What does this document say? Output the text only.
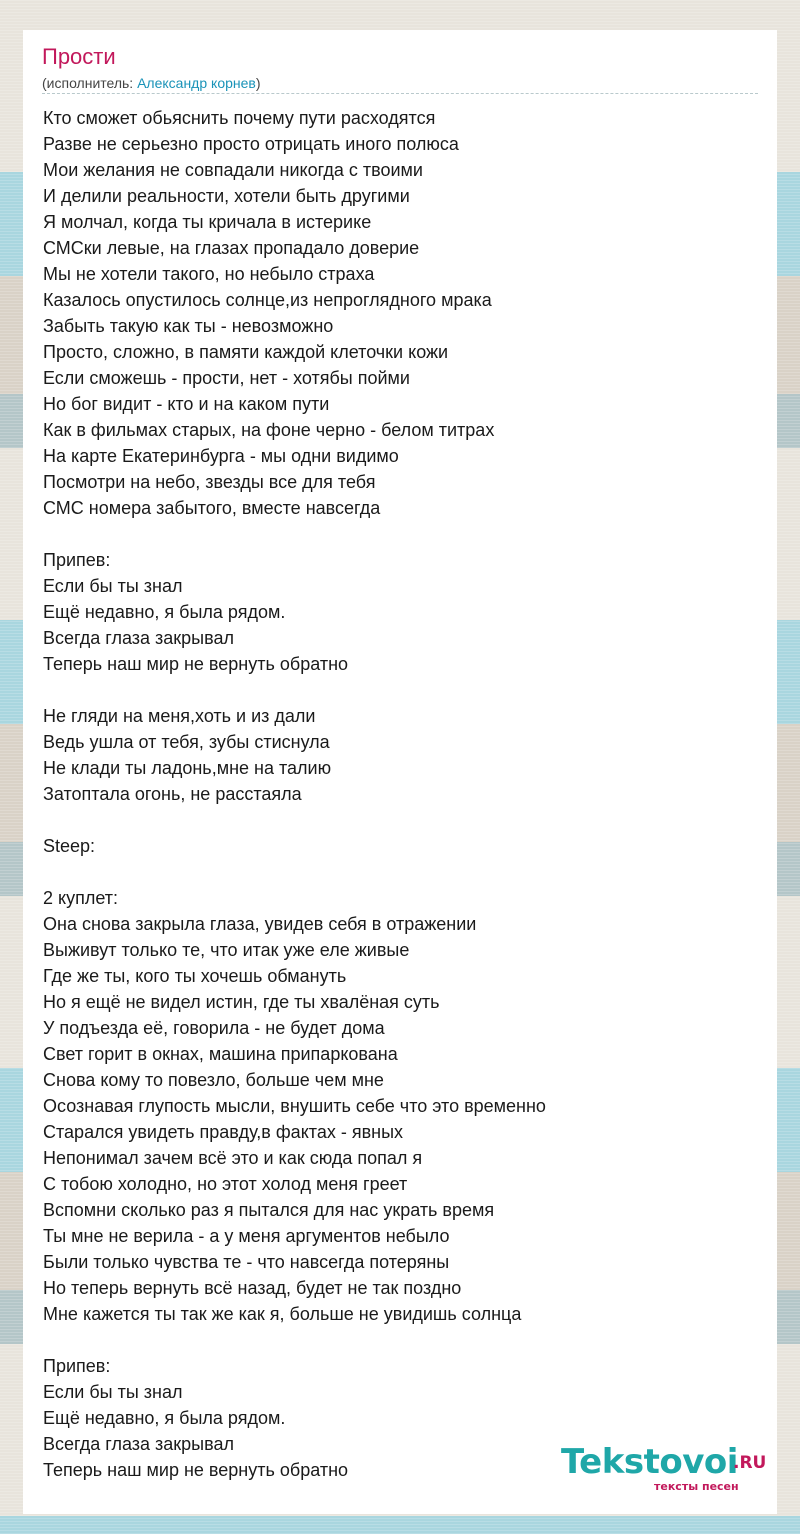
Прости
(исполнитель: Александр корнев)
Кто сможет обьяснить почему пути расходятся
Разве не серьезно просто отрицать иного полюса
Мои желания не совпадали никогда с твоими
И делили реальности, хотели быть другими
Я молчал, когда ты кричала в истерике
СМСки левые, на глазах пропадало доверие
Мы не хотели такого, но небыло страха
Казалось опустилось солнце,из непроглядного мрака
Забыть такую как ты - невозможно
Просто, сложно, в памяти каждой клеточки кожи
Если сможешь - прости, нет - хотябы пойми
Но бог видит - кто и на каком пути
Как в фильмах старых, на фоне черно - белом титрах
На карте Екатеринбурга - мы одни видимо
Посмотри на небо, звезды все для тебя
СМС номера забытого, вместе навсегда
Припев:
Если бы ты знал
Ещё недавно, я была рядом.
Всегда глаза закрывал
Теперь наш мир не вернуть обратно
Не гляди на меня,хоть и из дали
Ведь ушла от тебя, зубы стиснула
Не клади ты ладонь,мне на талию
Затоптала огонь, не расстаяла
Steep:
2 куплет:
Она снова закрыла глаза, увидев себя в отражении
Выживут только те, что итак уже еле живые
Где же ты, кого ты хочешь обмануть
Но я ещё не видел истин, где ты хвалёная суть
У подъезда её, говорила - не будет дома
Свет горит в окнах, машина припаркована
Снова кому то повезло, больше чем мне
Осознавая глупость мысли, внушить себе что это временно
Старался увидеть правду,в фактах - явных
Непонимал зачем всё это и как сюда попал я
С тобою холодно, но этот холод меня греет
Вспомни сколько раз я пытался для нас украть время
Ты мне не верила - а у меня аргументов небыло
Были только чувства те - что навсегда потеряны
Но теперь вернуть всё назад, будет не так поздно
Мне кажется ты так же как я, больше не увидишь солнца
Припев:
Если бы ты знал
Ещё недавно, я была рядом.
Всегда глаза закрывал
Теперь наш мир не вернуть обратно	Tekstovoi
.RU
тексты песен
